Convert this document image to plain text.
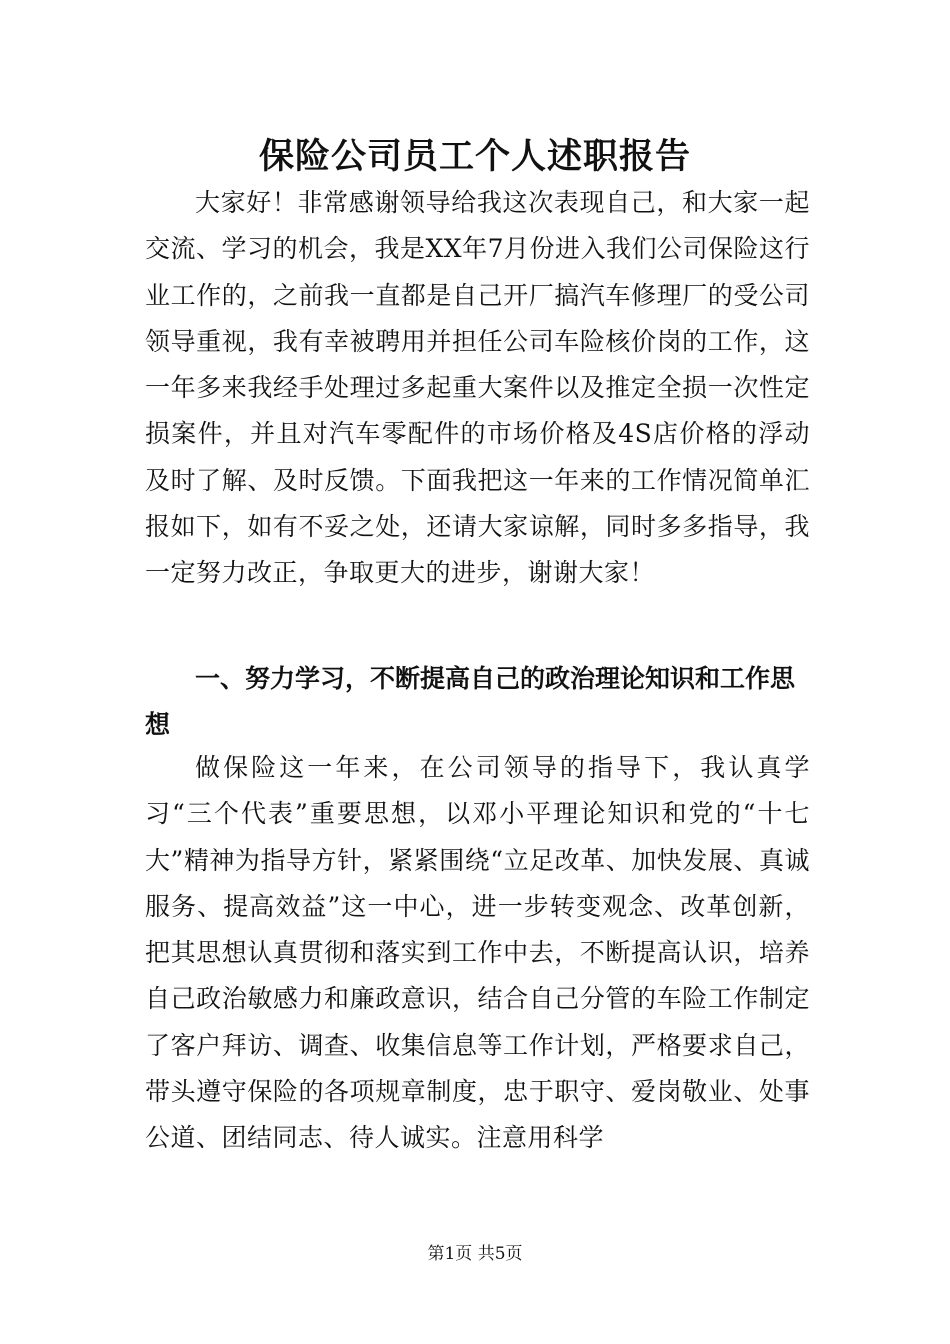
保险公司员工个人述职报告

大家好！非常感谢领导给我这次表现自己，和大家一起交流、学习的机会，我是XX年7月份进入我们公司保险这行业工作的，之前我一直都是自己开厂搞汽车修理厂的受公司领导重视，我有幸被聘用并担任公司车险核价岗的工作，这一年多来我经手处理过多起重大案件以及推定全损一次性定损案件，并且对汽车零配件的市场价格及4S店价格的浮动及时了解、及时反馈。下面我把这一年来的工作情况简单汇报如下，如有不妥之处，还请大家谅解，同时多多指导，我一定努力改正，争取更大的进步，谢谢大家！

一、努力学习，不断提高自己的政治理论知识和工作思想

做保险这一年来，在公司领导的指导下，我认真学习“三个代表”重要思想，以邓小平理论知识和党的“十七大”精神为指导方针，紧紧围绕“立足改革、加快发展、真诚服务、提高效益”这一中心，进一步转变观念、改革创新，把其思想认真贯彻和落实到工作中去，不断提高认识，培养自己政治敏感力和廉政意识，结合自己分管的车险工作制定了客户拜访、调查、收集信息等工作计划，严格要求自己，带头遵守保险的各项规章制度，忠于职守、爱岗敬业、处事公道、团结同志、待人诚实。注意用科学

第1页 共5页
